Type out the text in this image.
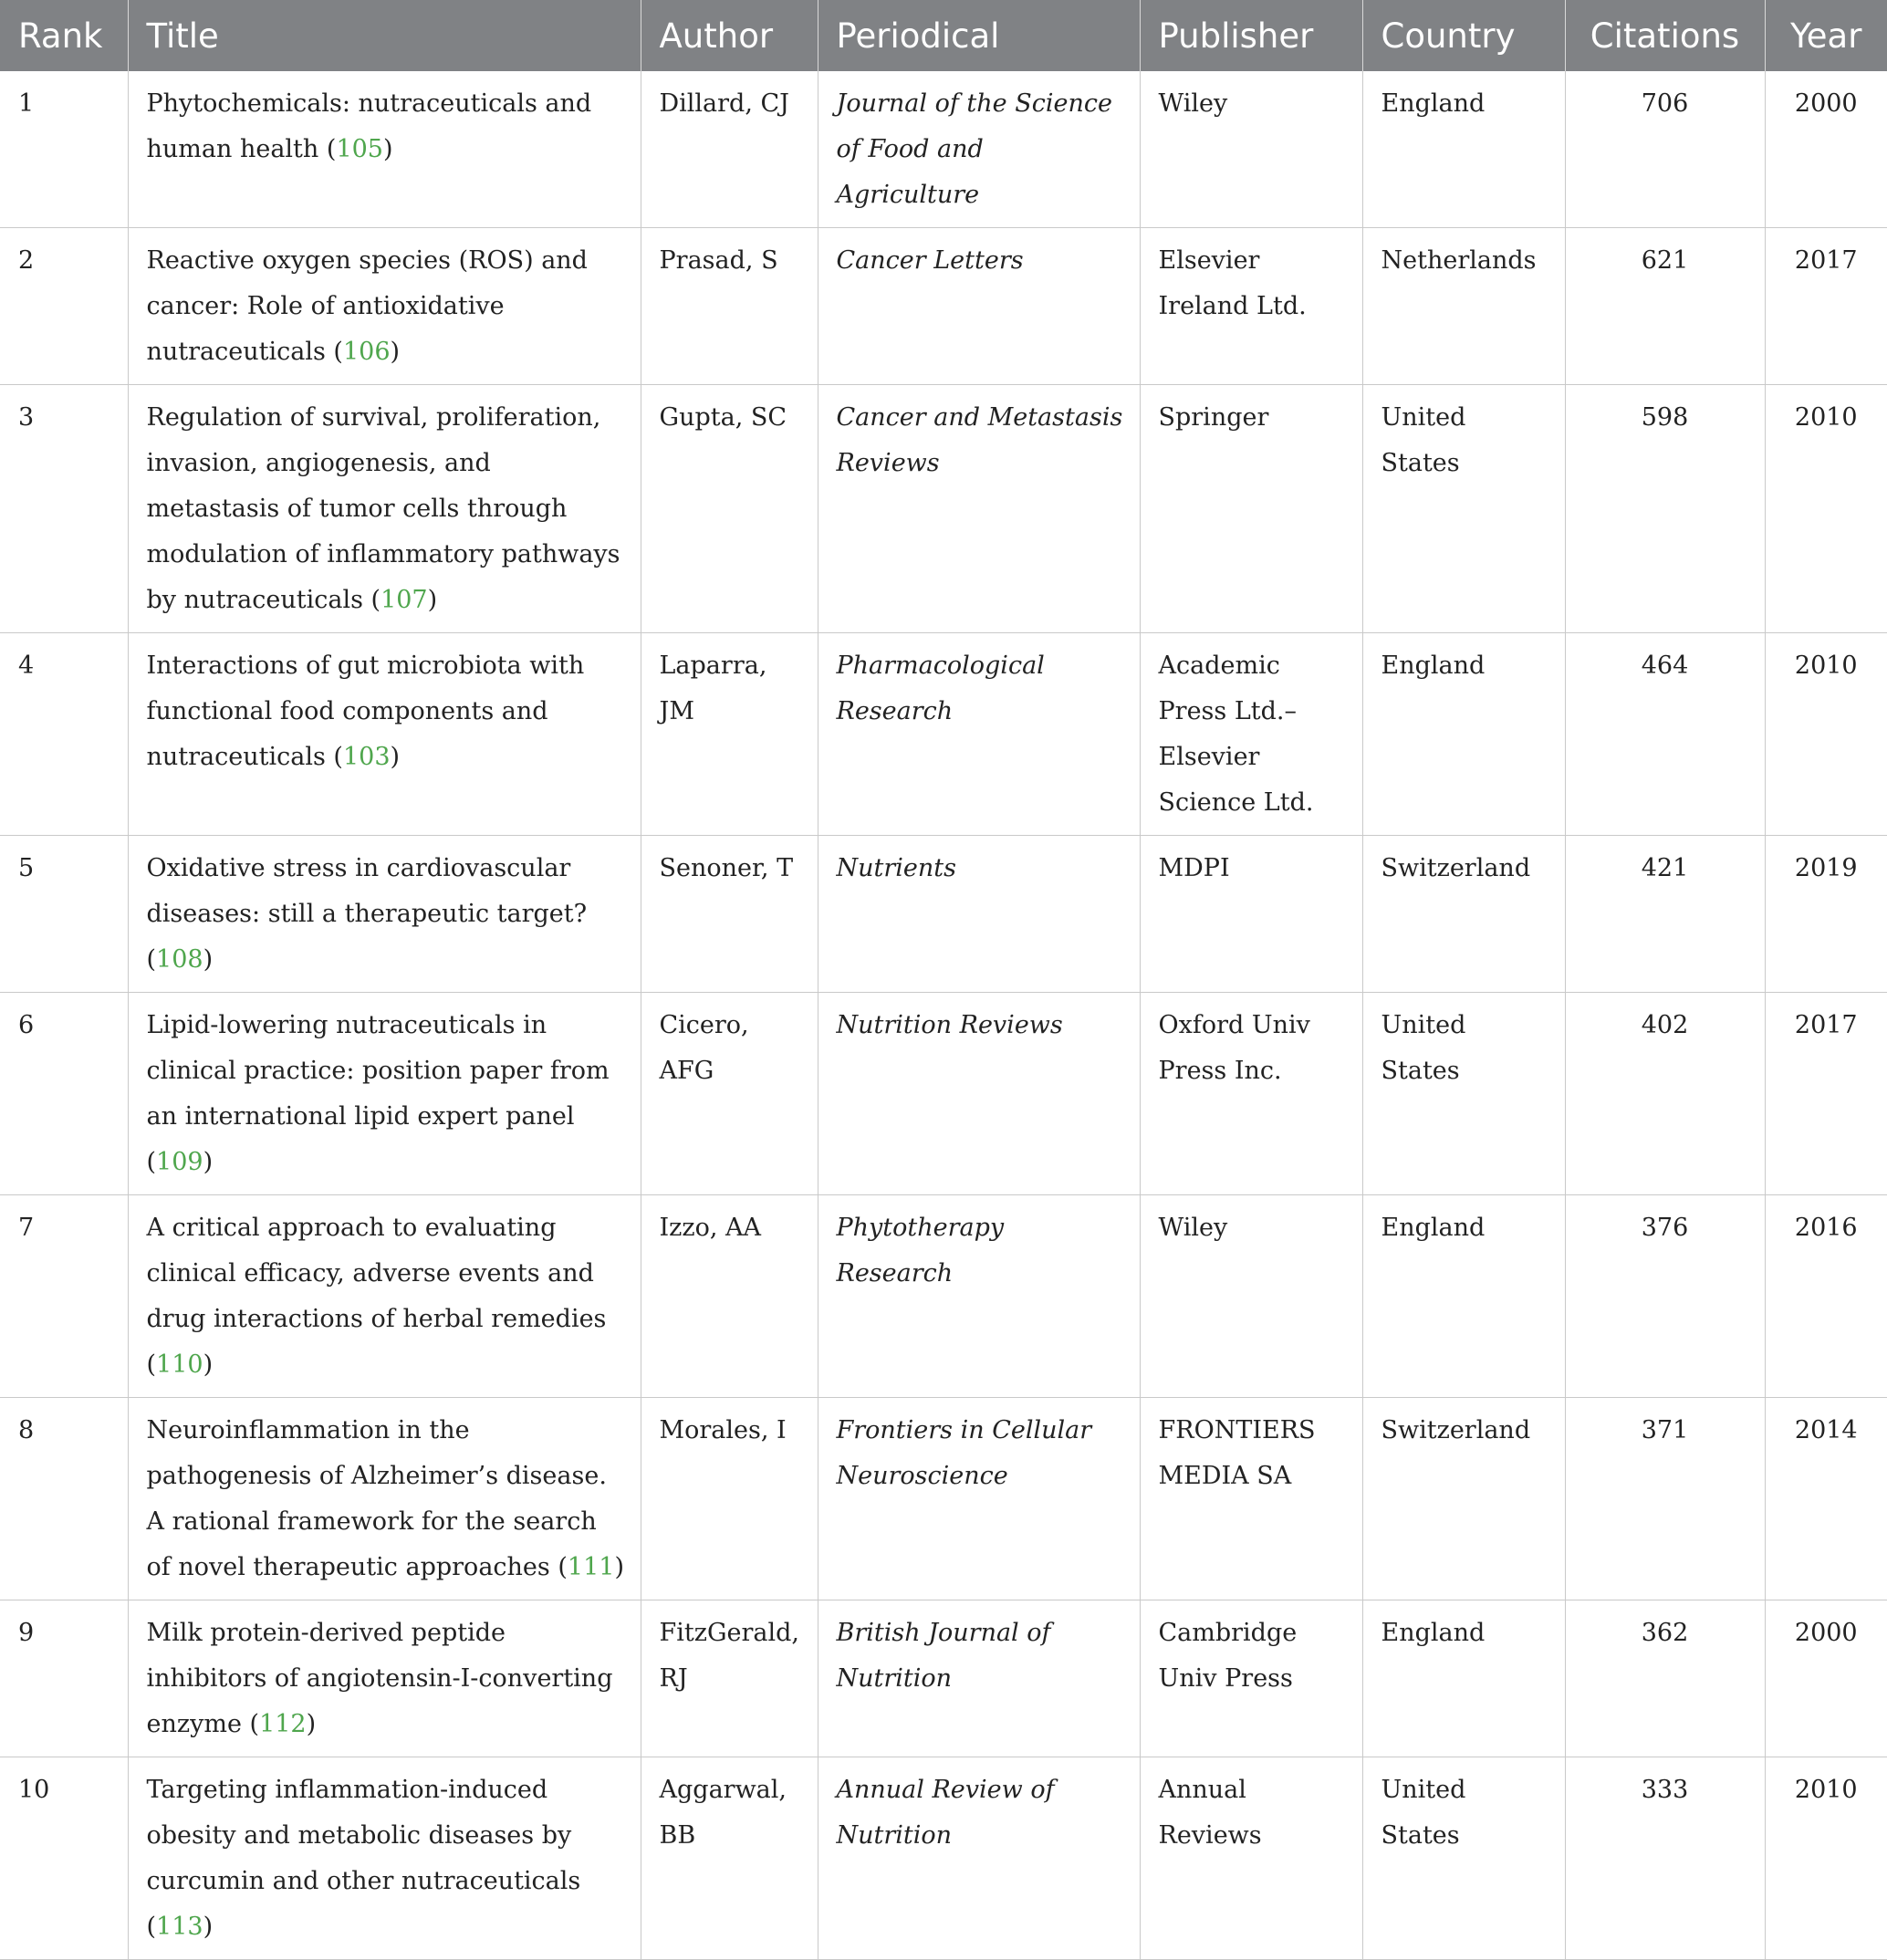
Rank	Title	Author	Periodical	Publisher	Country	Citations	Year
1	Phytochemicals: nutraceuticals and human health (105)	Dillard, CJ	Journal of the Science of Food and Agriculture	Wiley	England	706	2000
2	Reactive oxygen species (ROS) and cancer: Role of antioxidative nutraceuticals (106)	Prasad, S	Cancer Letters	Elsevier Ireland Ltd.	Netherlands	621	2017
3	Regulation of survival, proliferation, invasion, angiogenesis, and metastasis of tumor cells through modulation of inflammatory pathways by nutraceuticals (107)	Gupta, SC	Cancer and Metastasis Reviews	Springer	United States	598	2010
4	Interactions of gut microbiota with functional food components and nutraceuticals (103)	Laparra, JM	Pharmacological Research	Academic Press Ltd.–Elsevier Science Ltd.	England	464	2010
5	Oxidative stress in cardiovascular diseases: still a therapeutic target? (108)	Senoner, T	Nutrients	MDPI	Switzerland	421	2019
6	Lipid-lowering nutraceuticals in clinical practice: position paper from an international lipid expert panel (109)	Cicero, AFG	Nutrition Reviews	Oxford Univ Press Inc.	United States	402	2017
7	A critical approach to evaluating clinical efficacy, adverse events and drug interactions of herbal remedies (110)	Izzo, AA	Phytotherapy Research	Wiley	England	376	2016
8	Neuroinflammation in the pathogenesis of Alzheimer’s disease. A rational framework for the search of novel therapeutic approaches (111)	Morales, I	Frontiers in Cellular Neuroscience	FRONTIERS MEDIA SA	Switzerland	371	2014
9	Milk protein-derived peptide inhibitors of angiotensin-I-converting enzyme (112)	FitzGerald, RJ	British Journal of Nutrition	Cambridge Univ Press	England	362	2000
10	Targeting inflammation-induced obesity and metabolic diseases by curcumin and other nutraceuticals (113)	Aggarwal, BB	Annual Review of Nutrition	Annual Reviews	United States	333	2010
